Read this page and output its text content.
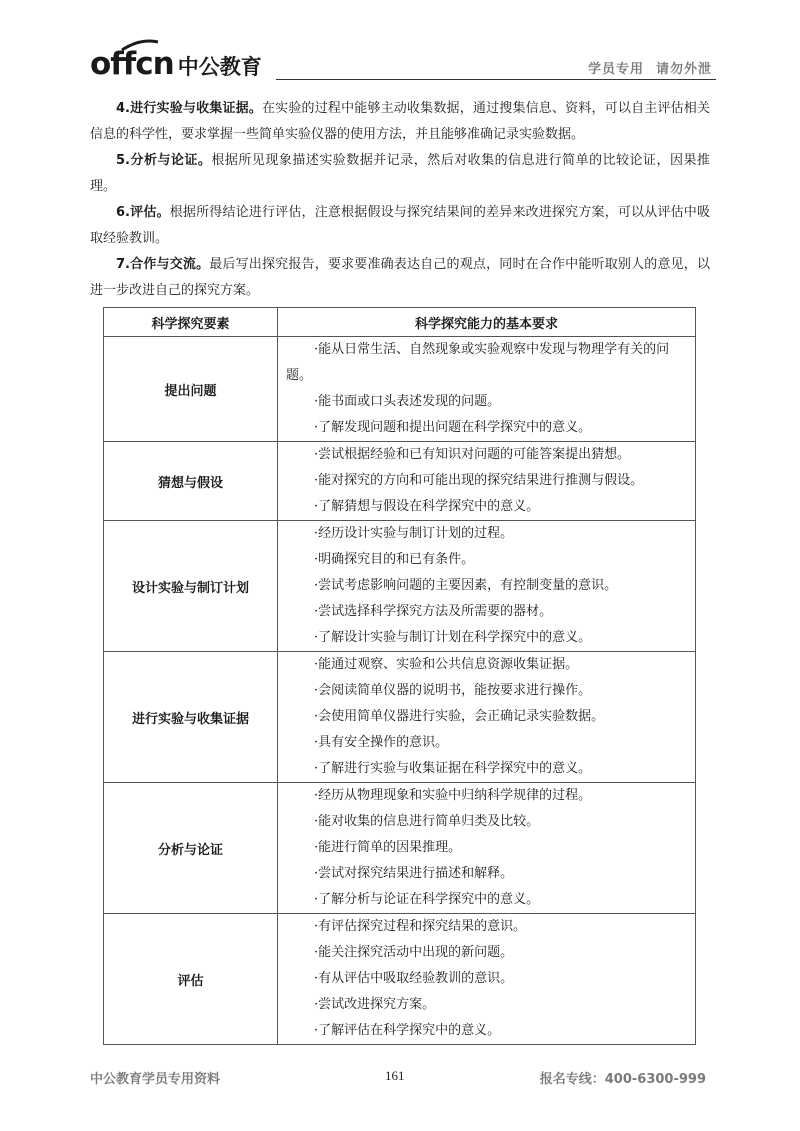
offcn 中公教育	学员专用 请勿外泄

4.进行实验与收集证据。在实验的过程中能够主动收集数据，通过搜集信息、资料，可以自主评估相关信息的科学性，要求掌握一些简单实验仪器的使用方法，并且能够准确记录实验数据。

5.分析与论证。根据所见现象描述实验数据并记录，然后对收集的信息进行简单的比较论证，因果推理。

6.评估。根据所得结论进行评估，注意根据假设与探究结果间的差异来改进探究方案，可以从评估中吸取经验教训。

7.合作与交流。最后写出探究报告，要求要准确表达自己的观点，同时在合作中能听取别人的意见，以进一步改进自己的探究方案。

科学探究要素	科学探究能力的基本要求
提出问题	·能从日常生活、自然现象或实验观察中发现与物理学有关的问题。
·能书面或口头表述发现的问题。
·了解发现问题和提出问题在科学探究中的意义。

猜想与假设	·尝试根据经验和已有知识对问题的可能答案提出猜想。
·能对探究的方向和可能出现的探究结果进行推测与假设。
·了解猜想与假设在科学探究中的意义。

设计实验与制订计划	·经历设计实验与制订计划的过程。
·明确探究目的和已有条件。
·尝试考虑影响问题的主要因素，有控制变量的意识。
·尝试选择科学探究方法及所需要的器材。
·了解设计实验与制订计划在科学探究中的意义。

进行实验与收集证据	·能通过观察、实验和公共信息资源收集证据。
·会阅读简单仪器的说明书，能按要求进行操作。
·会使用简单仪器进行实验，会正确记录实验数据。
·具有安全操作的意识。
·了解进行实验与收集证据在科学探究中的意义。

分析与论证	·经历从物理现象和实验中归纳科学规律的过程。
·能对收集的信息进行简单归类及比较。
·能进行简单的因果推理。
·尝试对探究结果进行描述和解释。
·了解分析与论证在科学探究中的意义。

评估	·有评估探究过程和探究结果的意识。
·能关注探究活动中出现的新问题。
·有从评估中吸取经验教训的意识。
·尝试改进探究方案。
·了解评估在科学探究中的意义。
中公教育学员专用资料	161	报名专线：400-6300-999
